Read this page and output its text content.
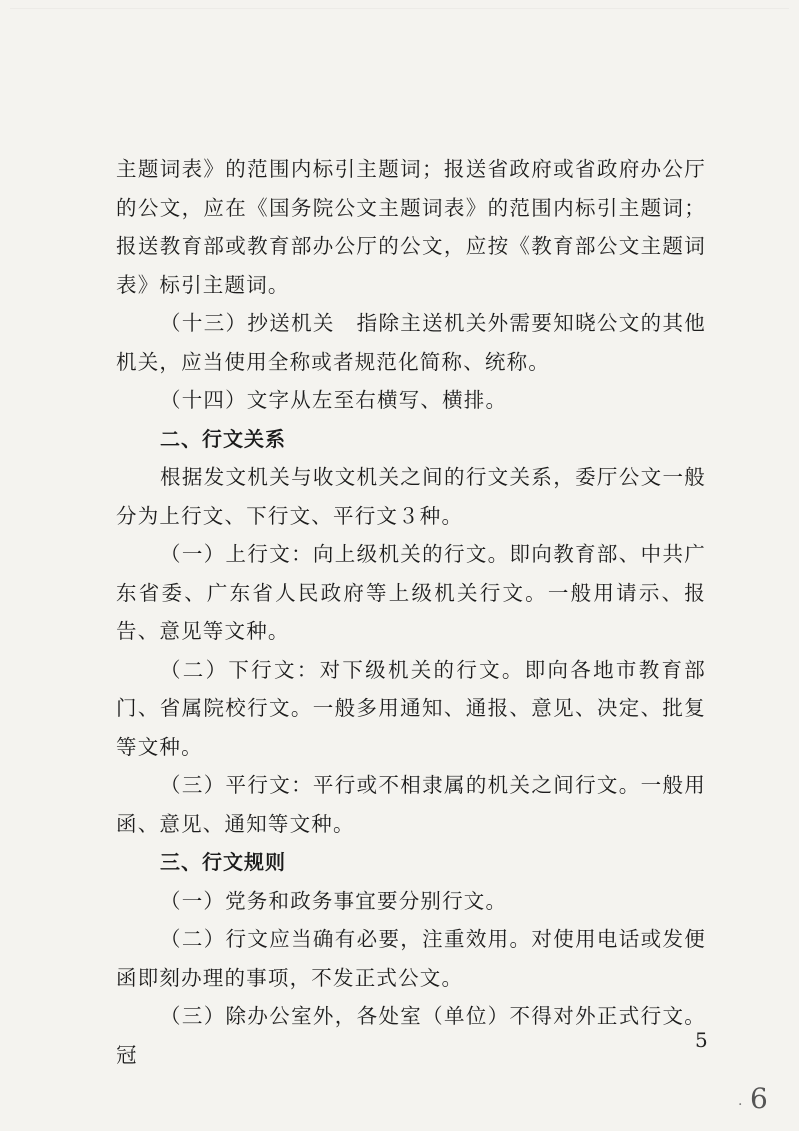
主题词表》的范围内标引主题词；报送省政府或省政府办公厅的公文，应在《国务院公文主题词表》的范围内标引主题词；报送教育部或教育部办公厅的公文，应按《教育部公文主题词表》标引主题词。

（十三）抄送机关　指除主送机关外需要知晓公文的其他机关，应当使用全称或者规范化简称、统称。

（十四）文字从左至右横写、横排。

二、行文关系

根据发文机关与收文机关之间的行文关系，委厅公文一般分为上行文、下行文、平行文３种。

（一）上行文：向上级机关的行文。即向教育部、中共广东省委、广东省人民政府等上级机关行文。一般用请示、报告、意见等文种。

（二）下行文：对下级机关的行文。即向各地市教育部门、省属院校行文。一般多用通知、通报、意见、决定、批复等文种。

（三）平行文：平行或不相隶属的机关之间行文。一般用函、意见、通知等文种。

三、行文规则

（一）党务和政务事宜要分别行文。

（二）行文应当确有必要，注重效用。对使用电话或发便函即刻办理的事项，不发正式公文。

（三）除办公室外，各处室（单位）不得对外正式行文。冠

5
· 6
